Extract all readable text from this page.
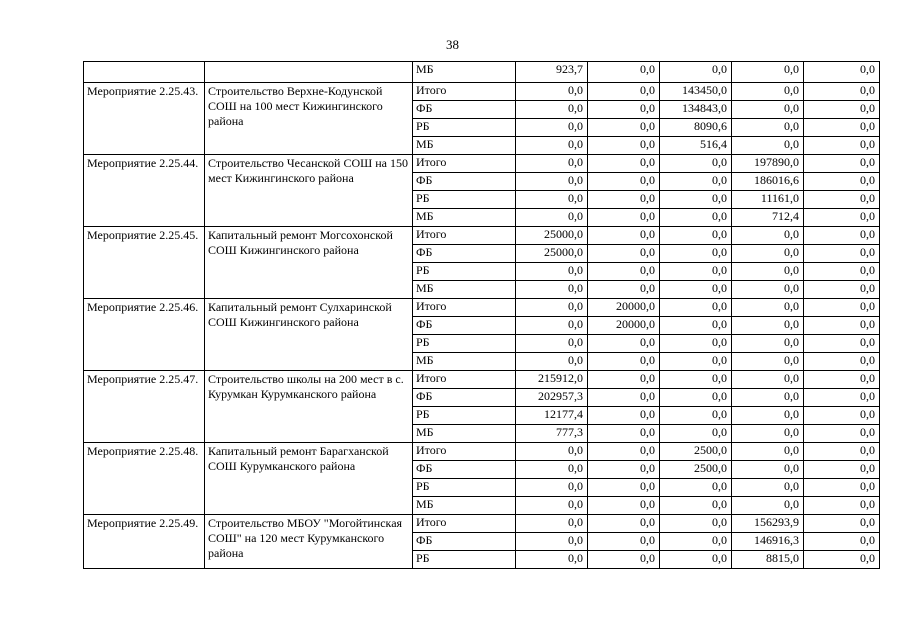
38
		МБ	923,7	0,0	0,0	0,0	0,0
Мероприятие 2.25.43.	Строительство Верхне-Кодунской СОШ на 100 мест Кижингинского района	Итого	0,0	0,0	143450,0	0,0	0,0
		ФБ	0,0	0,0	134843,0	0,0	0,0
		РБ	0,0	0,0	8090,6	0,0	0,0
		МБ	0,0	0,0	516,4	0,0	0,0
Мероприятие 2.25.44.	Строительство Чесанской СОШ на 150 мест Кижингинского района	Итого	0,0	0,0	0,0	197890,0	0,0
		ФБ	0,0	0,0	0,0	186016,6	0,0
		РБ	0,0	0,0	0,0	11161,0	0,0
		МБ	0,0	0,0	0,0	712,4	0,0
Мероприятие 2.25.45.	Капитальный ремонт Могсохонской СОШ Кижингинского района	Итого	25000,0	0,0	0,0	0,0	0,0
		ФБ	25000,0	0,0	0,0	0,0	0,0
		РБ	0,0	0,0	0,0	0,0	0,0
		МБ	0,0	0,0	0,0	0,0	0,0
Мероприятие 2.25.46.	Капитальный ремонт Сулхаринской СОШ Кижингинского района	Итого	0,0	20000,0	0,0	0,0	0,0
		ФБ	0,0	20000,0	0,0	0,0	0,0
		РБ	0,0	0,0	0,0	0,0	0,0
		МБ	0,0	0,0	0,0	0,0	0,0
Мероприятие 2.25.47.	Строительство школы на 200 мест в с. Курумкан Курумканского района	Итого	215912,0	0,0	0,0	0,0	0,0
		ФБ	202957,3	0,0	0,0	0,0	0,0
		РБ	12177,4	0,0	0,0	0,0	0,0
		МБ	777,3	0,0	0,0	0,0	0,0
Мероприятие 2.25.48.	Капитальный ремонт Барагханской СОШ Курумканского района	Итого	0,0	0,0	2500,0	0,0	0,0
		ФБ	0,0	0,0	2500,0	0,0	0,0
		РБ	0,0	0,0	0,0	0,0	0,0
		МБ	0,0	0,0	0,0	0,0	0,0
Мероприятие 2.25.49.	Строительство МБОУ "Могойтинская СОШ" на 120 мест Курумканского района	Итого	0,0	0,0	0,0	156293,9	0,0
		ФБ	0,0	0,0	0,0	146916,3	0,0
		РБ	0,0	0,0	0,0	8815,0	0,0
